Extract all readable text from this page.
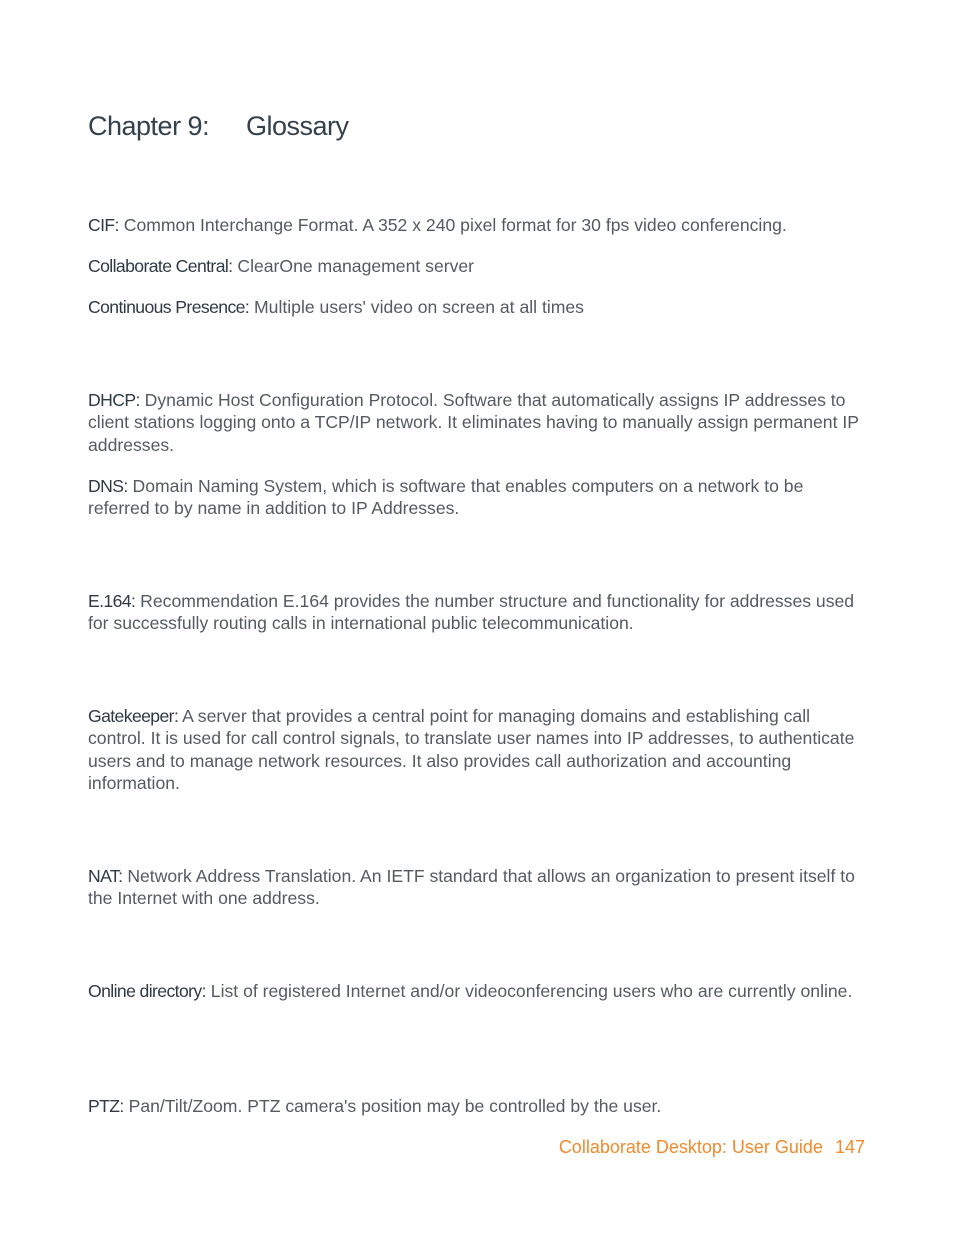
Chapter 9: Glossary

CIF: Common Interchange Format. A 352 x 240 pixel format for 30 fps video conferencing.

Collaborate Central: ClearOne management server

Continuous Presence: Multiple users' video on screen at all times

DHCP: Dynamic Host Configuration Protocol. Software that automatically assigns IP addresses to client stations logging onto a TCP/IP network. It eliminates having to manually assign permanent IP addresses.

DNS: Domain Naming System, which is software that enables computers on a network to be referred to by name in addition to IP Addresses.

E.164: Recommendation E.164 provides the number structure and functionality for addresses used for successfully routing calls in international public telecommunication.

Gatekeeper: A server that provides a central point for managing domains and establishing call control. It is used for call control signals, to translate user names into IP addresses, to authenticate users and to manage network resources. It also provides call authorization and accounting information.

NAT: Network Address Translation. An IETF standard that allows an organization to present itself to the Internet with one address.

Online directory: List of registered Internet and/or videoconferencing users who are currently online.

PTZ: Pan/Tilt/Zoom. PTZ camera's position may be controlled by the user.

Collaborate Desktop: User Guide 147
